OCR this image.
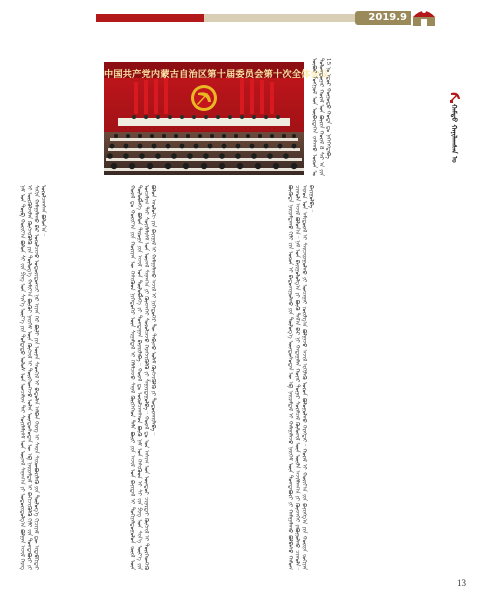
2019.9
ᠬᠠᠮᠲᠤ ᠬᠠᠨᠢᠯᠠᠭᠰᠠᠨ ᠤ
中国共产党内蒙古自治区第十届委员会第十次全体会议
ᠦᠪᠦᠷ ᠮᠣᠩᠭᠣᠯ ᠤᠨ ᠥᠪᠡᠷᠲᠡᠭᠡᠨ ᠵᠠᠰᠠᠬᠤ ᠣᠷᠤᠨ ᠤ ᠳᠣᠯᠣᠭᠳᠤᠭᠠᠷ ᠬᠤᠷᠠᠯ ᠤᠨ ᠪᠦᠷᠢᠨ ᠬᠤᠷᠠᠯ 8 ᠰᠠᠷ ᠠ ᠶᠢᠨ 15 ᠨᠤ ᠡᠳᠦᠷ ᠬᠣᠭᠣᠳᠤ ᠬᠣᠲᠠ ᠳᠤ ᠨᠡᠭᠡᠭᠡᠭᠳᠡᠪᠡ
ᠨᠠᠮ ᠤᠨ ᠲᠥᠪ ᠬᠣᠷᠢᠶ᠎ᠠ ᠪᠣᠯᠣᠨ ᠰᠢ ᠵᠢᠨ ᠫᠢᠩ ᠤᠨ ᠰᠢᠨ᠎ᠡ ᠦᠶ᠎ᠡ ᠶᠢᠨ ᠳᠤᠮᠳᠠᠳᠤ ᠤᠯᠤᠰ ᠤᠨ ᠣᠨᠴᠠᠯᠢᠭ ᠲᠠᠢ ᠰᠤᠶᠢᠯᠠᠯᠢᠰᠮ ᠤᠨ ᠦᠵᠡᠯ ᠰᠠᠨᠠᠭ᠎ᠠ ᠶᠢ ᠤᠳᠤᠷᠢᠳᠤᠯᠭ᠎ᠠ ᠪᠣᠯᠭᠠᠨ ᠠᠵᠢᠯ ᠬᠡᠷᠡᠭ ᠢ ᠦᠷᠭᠦᠯᠵᠢᠯᠡᠨ ᠬᠥᠭᠵᠢᠭᠦᠯᠬᠦ ᠶᠢᠨ ᠲᠥᠯᠦᠭ᠎ᠡ ᠬᠠᠮᠢᠶ᠎ᠠ ᠪᠦᠬᠦᠢ ᠨᠡᠢᠭᠡᠮ ᠦᠨ ᠬᠥᠭᠵᠢᠯ ᠢ ᠲᠦᠷᠭᠡᠳᠬᠡᠵᠦ ᠣᠯᠠᠨ ᠦᠨᠳᠦᠰᠦᠲᠡᠨ ᠦ ᠡᠪ ᠨᠠᠢᠷᠠᠮᠳᠠᠯ ᠢ ᠪᠡᠬᠢᠵᠢᠭᠦᠯᠬᠦ ᠬᠢᠯᠢ ᠵᠢᠨ ᠲᠣᠭᠲᠠᠪᠤᠷᠢ ᠶᠢ ᠰᠠᠬᠢᠨ ᠬᠠᠮᠠᠭᠠᠯᠠᠬᠤ ᠪᠠᠷ ᠣᠷᠤᠯᠴᠠᠵᠤ ᠤᠳᠤᠷᠢᠳᠤᠭᠴᠢ ᠨᠠᠷ ᠢᠶᠠᠨ ᠭᠡᠷ ᠪᠦᠯᠢ ᠶᠢᠨ ᠦᠨᠡᠨ ᠰᠡᠳᠬᠢᠯ ᠢ ᠪᠠᠲᠤᠯᠠᠨ ᠠᠯᠪᠠᠨ ᠬᠡᠷᠡᠭ ᠢ ᠰᠠᠢᠨ ᠰᠢᠢᠳᠪᠦᠷᠢᠯᠡᠬᠦ ᠶᠢᠨ ᠲᠥᠯᠦᠭ᠎ᠡ ᠬᠢᠴᠢᠶᠡᠯ ᠳᠦ ᠢᠳᠡᠪᠬᠢᠲᠡᠶ ᠣᠷᠣᠯᠴᠠᠭᠰᠠᠨ ᠪᠣᠯᠤᠨ᠎ᠠ᠃	ᠬᠤᠷᠠᠯ ᠳᠤ ᠬᠣᠷᠢᠶ᠎ᠠ ᠶᠢᠨ ᠬᠣᠷᠢᠶᠠᠨ ᠦ ᠭᠡᠰᠢᠭᠦᠳ ᠨᠢᠭᠡᠳᠦᠭᠡᠷ ᠦᠨ ᠰᠢᠭᠠᠮᠳᠠᠯ ᠢ ᠬᠡᠯᠡᠯᠴᠡᠵᠦ ᠰᠠᠨᠠᠯ ᠬᠦᠷᠭᠡᠭᠡᠳ ᠲᠠᠯᠠ ᠪᠦᠷᠢ ᠶᠢᠨ ᠠᠵᠢᠯ ᠤᠨ ᠪᠠᠶᠢᠳᠠᠯ ᠢ ᠲᠣᠬᠢᠶᠠᠯᠳᠤᠭᠤᠯᠤᠨ ᠵᠦᠢᠯ ᠦᠨ ᠲᠥᠯᠦᠪᠯᠡᠭᠡ ᠪᠣᠯᠤᠨ ᠳᠠᠷᠤᠭᠠ ᠶᠢᠨ ᠠᠵᠢᠯ ᠤᠨ ᠲᠥᠯᠦᠪᠯᠡᠭᠡ ᠶᠢ ᠲᠣᠭᠲᠠᠭᠠᠨ ᠪᠠᠶᠠᠷᠢᠯᠠᠪᠠ᠃ ᠬᠤᠷᠠᠯ ᠳᠤ ᠣᠷᠤᠯᠴᠠᠭᠰᠠᠳ ᠪᠦᠬᠦ ᠨᠠᠮ ᠤᠨ ᠭᠡᠰᠢᠭᠦᠳ ᠢ ᠰᠢ ᠵᠢᠨ ᠫᠢᠩ ᠤᠨ ᠰᠢᠨ᠎ᠡ ᠦᠶ᠎ᠡ ᠶᠢᠨ ᠣᠨᠴᠠᠯᠢᠭ ᠲᠠᠢ ᠰᠤᠶᠢᠯᠠᠯᠢᠰᠮ ᠤᠨ ᠦᠵᠡᠯ ᠰᠠᠨᠠᠭ᠎ᠠ ᠶᠢ ᠭᠦᠨᠵᠡᠭᠡᠢ ᠰᠤᠷᠤᠯᠴᠠᠵᠤ ᠬᠡᠷᠡᠭᠵᠢᠭᠦᠯᠬᠦ ᠶᠢ ᠱᠠᠭᠠᠷᠳᠠᠭᠤᠯᠪᠠ᠃ ᠬᠤᠷᠠᠯ ᠳᠤ ᠡᠳ ᠠᠰᠢᠭ ᠤᠨ ᠥᠨᠳᠦᠷ ᠴᠢᠨᠠᠷᠲᠠᠢ ᠬᠥᠭᠵᠢᠯ ᠢ ᠲᠦᠷᠭᠡᠳᠬᠡᠬᠦ ᠪᠣᠯᠤᠨ ᠡᠬᠣᠯᠣᠭᠢ ᠶᠢᠨ ᠪᠠᠶᠢᠭᠠᠯ ᠢ ᠬᠠᠮᠠᠭᠠᠯᠠᠬᠤ ᠠᠵᠢᠯ ᠢ ᠨᠢᠭᠡᠳᠦᠭᠡᠷ ᠲᠦ ᠲᠠᠪᠢᠵᠤ ᠤᠯᠠᠮ ᠬᠥᠭᠵᠢᠭᠦᠯᠬᠦ ᠶᠢ ᠲᠣᠳᠣᠷᠬᠠᠢᠯᠠᠪᠠ᠃	ᠪᠦᠭᠦᠳᠡ ᠨᠠᠢᠷᠠᠮᠳᠠᠬᠤ ᠬᠢᠯᠢ ᠵᠢᠨ ᠣᠷᠣᠨ ᠢ ᠪᠠᠲᠤᠵᠢᠭᠤᠯᠬᠤ ᠶᠢᠨ ᠲᠥᠯᠦᠭ᠎ᠡ ᠦᠨᠳᠦᠰᠦᠲᠡᠨ ᠦ ᠡᠪ ᠨᠠᠢᠷᠠᠮᠳᠠᠯ ᠢ ᠬᠠᠮᠠᠭᠠᠯᠠᠵᠤ ᠨᠡᠢᠭᠡᠮ ᠦᠨ ᠲᠣᠭᠲᠠᠪᠤᠷᠢ ᠶᠢ ᠬᠠᠮᠠᠭᠠᠯᠠᠬᠤ ᠪᠣᠯᠪᠠᠰᠤ ᠬᠠᠮᠤᠭ ᠴᠢᠬᠤᠯᠠ ᠠᠵᠢᠯ ᠪᠣᠯᠤᠨ᠎ᠠ᠃ ᠨᠠᠮ ᠤᠨ ᠪᠠᠶᠢᠭᠤᠯᠤᠯᠭ᠎ᠠ ᠶᠢ ᠪᠦᠬᠦ ᠲᠠᠯ᠎ᠠ ᠪᠠᠷ ᠨᠢ ᠬᠠᠳᠠᠭᠠᠯᠠᠨ ᠬᠣᠶᠠᠷ ᠳᠤᠭᠠᠷ ᠰᠤᠷᠠᠯᠴᠠᠯ ᠬᠦᠮᠦᠵᠢᠯ ᠦᠨ ᠦᠢᠯᠡ ᠠᠵᠢᠯᠯᠠᠭ᠎ᠠ ᠶᠢ ᠭᠦᠨᠵᠡᠭᠡᠢ ᠶᠠᠪᠤᠭᠤᠯᠬᠤ ᠴᠢᠬᠤᠯᠠ᠃ ᠠᠷᠠᠳ ᠤᠨ ᠠᠮᠢᠳᠤᠷᠠᠯ ᠢ ᠰᠠᠢᠵᠢᠷᠠᠭᠤᠯᠬᠤ ᠶᠢ ᠣᠨᠴᠠᠭᠠᠢ ᠵᠣᠷᠢᠯᠭ᠎ᠠ ᠪᠣᠯᠭᠠᠵᠤ ᠠᠵᠢᠯ ᠡᠷᠬᠢᠯᠡᠬᠦ ᠣᠷᠣᠨ ᠪᠣᠯᠤᠭᠤᠯᠬᠤ ᠬᠡᠷᠡᠭᠲᠡᠢ᠃ ᠬᠤᠷᠠᠯ ᠢ ᠬᠣᠷᠢᠶ᠎ᠠ ᠶᠢᠨ ᠪᠠᠶᠢᠩᠭ᠎ᠠ ᠶᠢᠨ ᠬᠣᠷᠢᠶᠠ ᠵᠣᠬᠢᠶᠠᠨ ᠪᠠᠶᠢᠭᠤᠯᠪᠠ᠃
13
